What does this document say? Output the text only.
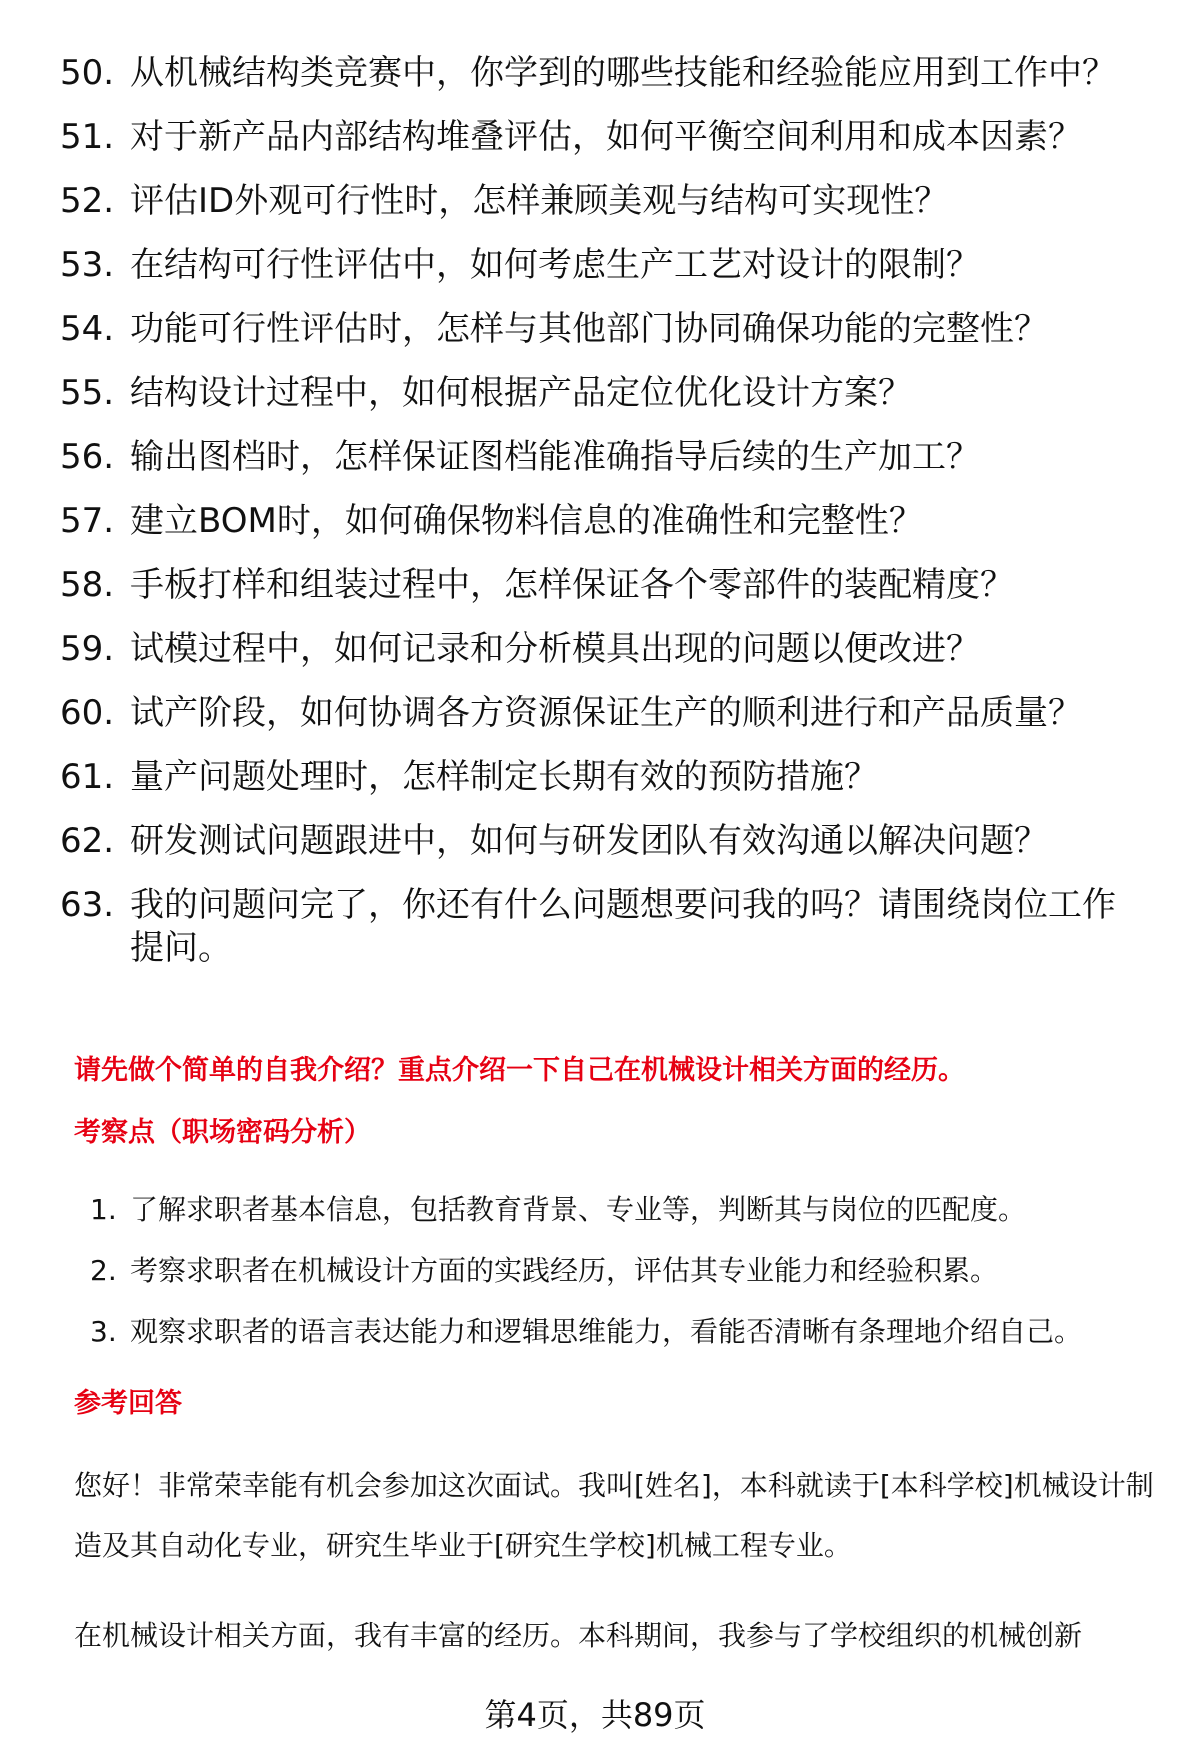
50. 从机械结构类竞赛中，你学到的哪些技能和经验能应用到工作中？
51. 对于新产品内部结构堆叠评估，如何平衡空间利用和成本因素？
52. 评估ID外观可行性时，怎样兼顾美观与结构可实现性？
53. 在结构可行性评估中，如何考虑生产工艺对设计的限制？
54. 功能可行性评估时，怎样与其他部门协同确保功能的完整性？
55. 结构设计过程中，如何根据产品定位优化设计方案？
56. 输出图档时，怎样保证图档能准确指导后续的生产加工？
57. 建立BOM时，如何确保物料信息的准确性和完整性？
58. 手板打样和组装过程中，怎样保证各个零部件的装配精度？
59. 试模过程中，如何记录和分析模具出现的问题以便改进？
60. 试产阶段，如何协调各方资源保证生产的顺利进行和产品质量？
61. 量产问题处理时，怎样制定长期有效的预防措施？
62. 研发测试问题跟进中，如何与研发团队有效沟通以解决问题？
63. 我的问题问完了，你还有什么问题想要问我的吗？请围绕岗位工作提问。
请先做个简单的自我介绍？重点介绍一下自己在机械设计相关方面的经历。
考察点（职场密码分析）
1. 了解求职者基本信息，包括教育背景、专业等，判断其与岗位的匹配度。
2. 考察求职者在机械设计方面的实践经历，评估其专业能力和经验积累。
3. 观察求职者的语言表达能力和逻辑思维能力，看能否清晰有条理地介绍自己。
参考回答
您好！非常荣幸能有机会参加这次面试。我叫[姓名]，本科就读于[本科学校]机械设计制造及其自动化专业，研究生毕业于[研究生学校]机械工程专业。
在机械设计相关方面，我有丰富的经历。本科期间，我参与了学校组织的机械创新
第4页，共89页
